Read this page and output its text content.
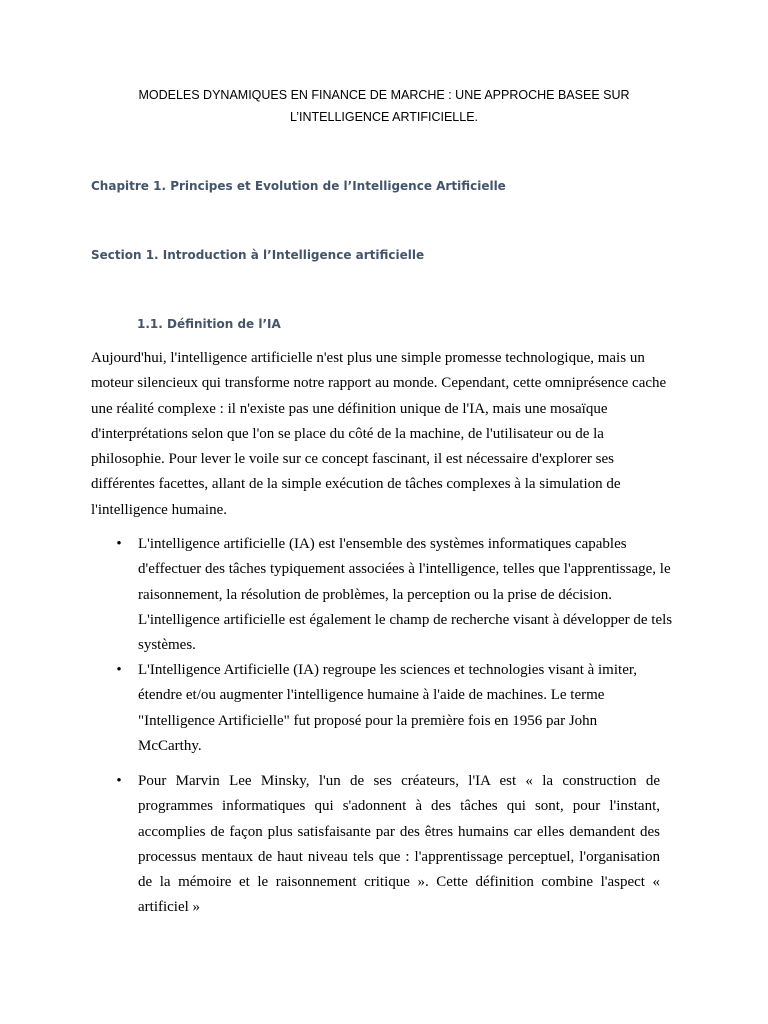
MODELES DYNAMIQUES EN FINANCE DE MARCHE : UNE APPROCHE BASEE SUR L’INTELLIGENCE ARTIFICIELLE.

Chapitre 1. Principes et Evolution de l’Intelligence Artificielle
Section 1. Introduction à l’Intelligence artificielle
1.1. Définition de l’IA

Aujourd'hui, l'intelligence artificielle n'est plus une simple promesse technologique, mais un moteur silencieux qui transforme notre rapport au monde. Cependant, cette omniprésence cache une réalité complexe : il n'existe pas une définition unique de l'IA, mais une mosaïque d'interprétations selon que l'on se place du côté de la machine, de l'utilisateur ou de la philosophie. Pour lever le voile sur ce concept fascinant, il est nécessaire d'explorer ses différentes facettes, allant de la simple exécution de tâches complexes à la simulation de l'intelligence humaine.

• L'intelligence artificielle (IA) est l'ensemble des systèmes informatiques capables d'effectuer des tâches typiquement associées à l'intelligence, telles que l'apprentissage, le raisonnement, la résolution de problèmes, la perception ou la prise de décision. L'intelligence artificielle est également le champ de recherche visant à développer de tels systèmes.
• L'Intelligence Artificielle (IA) regroupe les sciences et technologies visant à imiter, étendre et/ou augmenter l'intelligence humaine à l'aide de machines. Le terme "Intelligence Artificielle" fut proposé pour la première fois en 1956 par John McCarthy.
• Pour Marvin Lee Minsky, l'un de ses créateurs, l'IA est « la construction de programmes informatiques qui s'adonnent à des tâches qui sont, pour l'instant, accomplies de façon plus satisfaisante par des êtres humains car elles demandent des processus mentaux de haut niveau tels que : l'apprentissage perceptuel, l'organisation de la mémoire et le raisonnement critique ». Cette définition combine l'aspect « artificiel »
